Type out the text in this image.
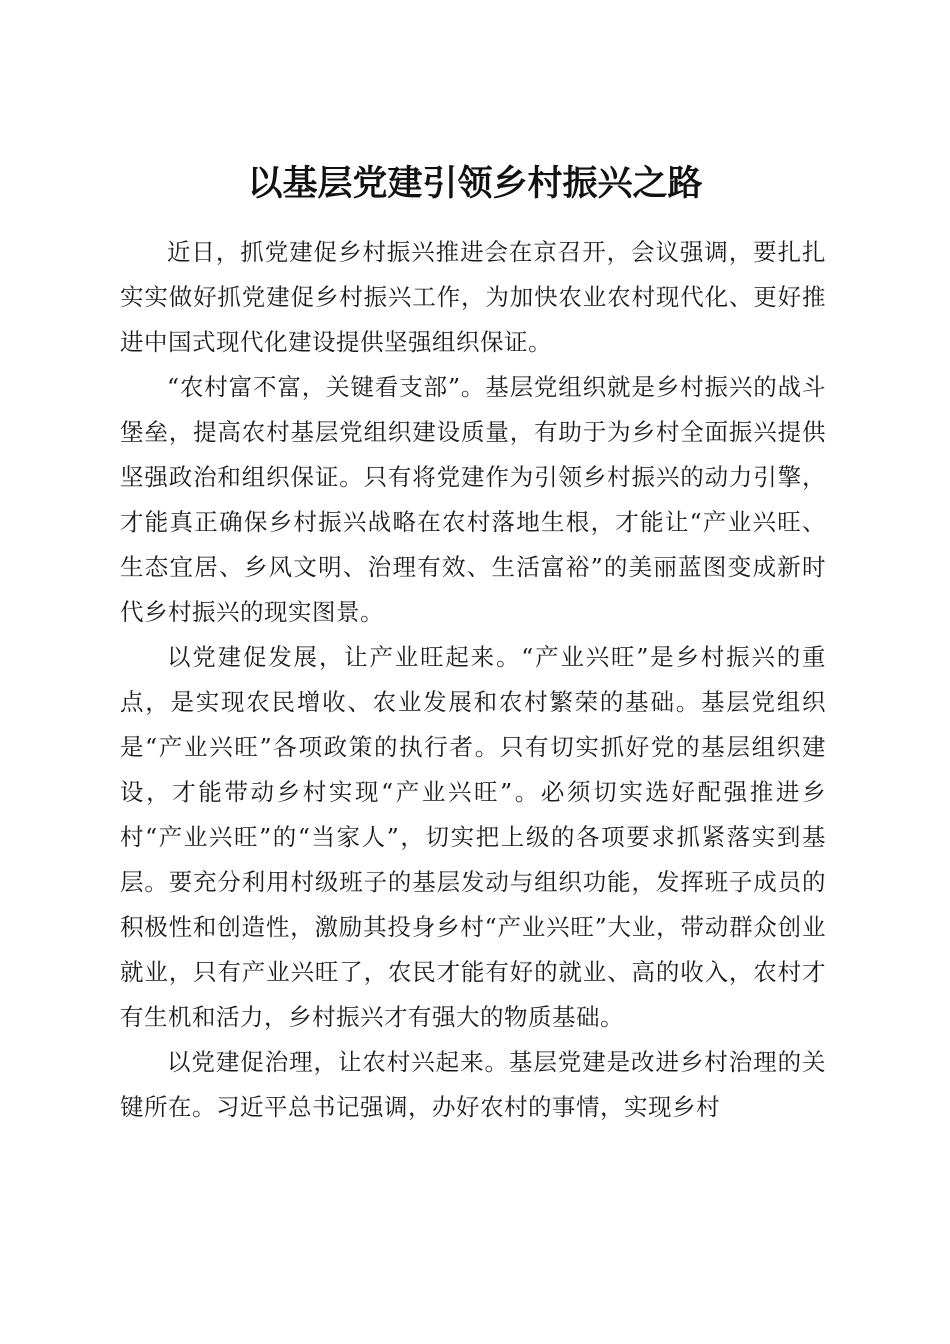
以基层党建引领乡村振兴之路

近日，抓党建促乡村振兴推进会在京召开，会议强调，要扎扎实实做好抓党建促乡村振兴工作，为加快农业农村现代化、更好推进中国式现代化建设提供坚强组织保证。

“农村富不富，关键看支部”。基层党组织就是乡村振兴的战斗堡垒，提高农村基层党组织建设质量，有助于为乡村全面振兴提供坚强政治和组织保证。只有将党建作为引领乡村振兴的动力引擎，才能真正确保乡村振兴战略在农村落地生根，才能让“产业兴旺、生态宜居、乡风文明、治理有效、生活富裕”的美丽蓝图变成新时代乡村振兴的现实图景。

以党建促发展，让产业旺起来。“产业兴旺”是乡村振兴的重点，是实现农民增收、农业发展和农村繁荣的基础。基层党组织是“产业兴旺”各项政策的执行者。只有切实抓好党的基层组织建设，才能带动乡村实现“产业兴旺”。必须切实选好配强推进乡村“产业兴旺”的“当家人”，切实把上级的各项要求抓紧落实到基层。要充分利用村级班子的基层发动与组织功能，发挥班子成员的积极性和创造性，激励其投身乡村“产业兴旺”大业，带动群众创业就业，只有产业兴旺了，农民才能有好的就业、高的收入，农村才有生机和活力，乡村振兴才有强大的物质基础。

以党建促治理，让农村兴起来。基层党建是改进乡村治理的关键所在。习近平总书记强调，办好农村的事情，实现乡村
